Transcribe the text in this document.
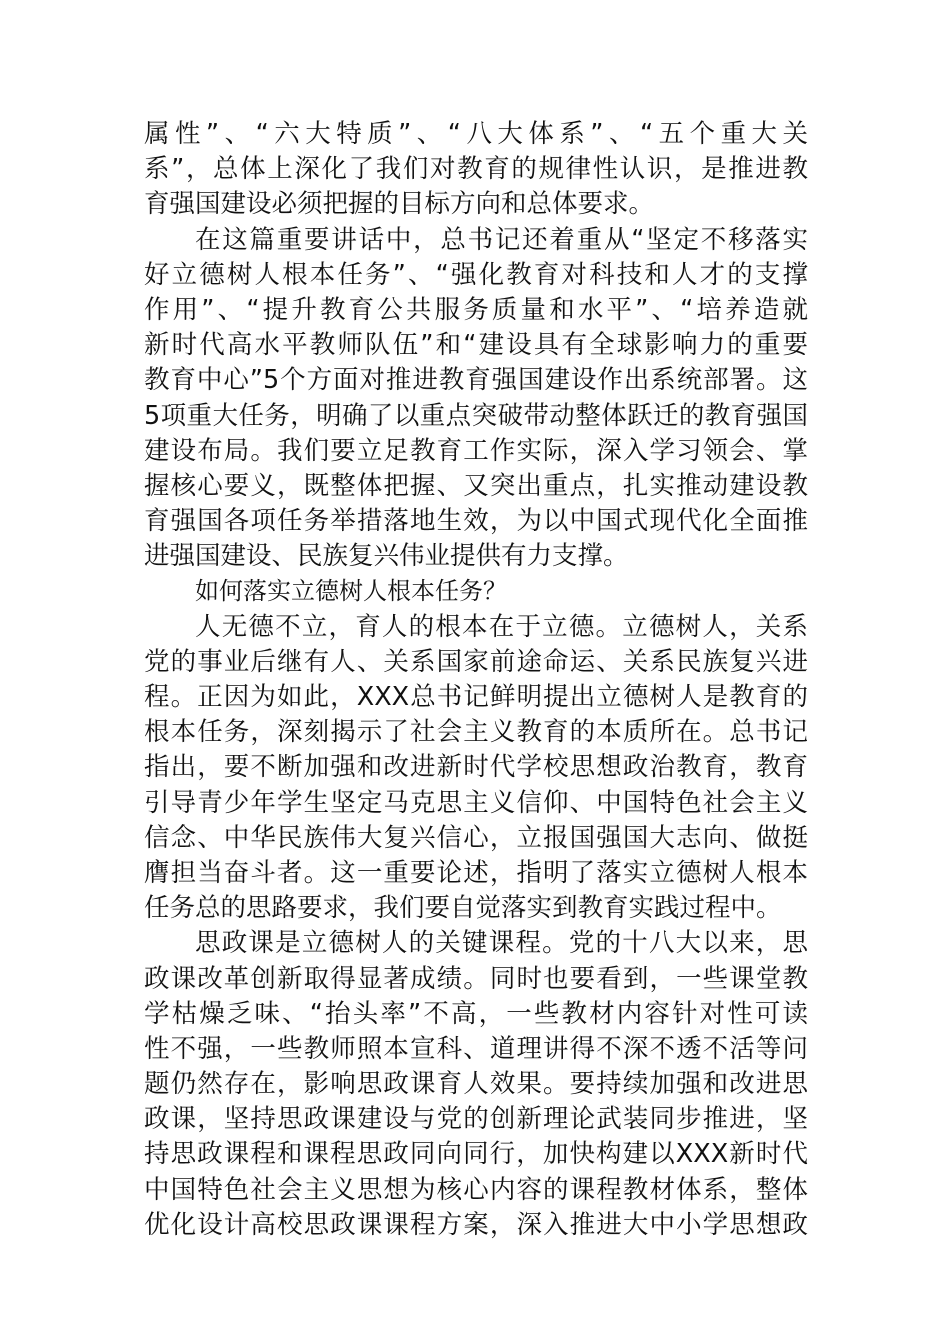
属性”、“六大特质”、“八大体系”、“五个重大关
系”，总体上深化了我们对教育的规律性认识，是推进教
育强国建设必须把握的目标方向和总体要求。
在这篇重要讲话中，总书记还着重从“坚定不移落实
好立德树人根本任务”、“强化教育对科技和人才的支撑
作用”、“提升教育公共服务质量和水平”、“培养造就
新时代高水平教师队伍”和“建设具有全球影响力的重要
教育中心”5个方面对推进教育强国建设作出系统部署。这
5项重大任务，明确了以重点突破带动整体跃迁的教育强国
建设布局。我们要立足教育工作实际，深入学习领会、掌
握核心要义，既整体把握、又突出重点，扎实推动建设教
育强国各项任务举措落地生效，为以中国式现代化全面推
进强国建设、民族复兴伟业提供有力支撑。
如何落实立德树人根本任务？
人无德不立，育人的根本在于立德。立德树人，关系
党的事业后继有人、关系国家前途命运、关系民族复兴进
程。正因为如此，XXX总书记鲜明提出立德树人是教育的
根本任务，深刻揭示了社会主义教育的本质所在。总书记
指出，要不断加强和改进新时代学校思想政治教育，教育
引导青少年学生坚定马克思主义信仰、中国特色社会主义
信念、中华民族伟大复兴信心，立报国强国大志向、做挺
膺担当奋斗者。这一重要论述，指明了落实立德树人根本
任务总的思路要求，我们要自觉落实到教育实践过程中。
思政课是立德树人的关键课程。党的十八大以来，思
政课改革创新取得显著成绩。同时也要看到，一些课堂教
学枯燥乏味、“抬头率”不高，一些教材内容针对性可读
性不强，一些教师照本宣科、道理讲得不深不透不活等问
题仍然存在，影响思政课育人效果。要持续加强和改进思
政课，坚持思政课建设与党的创新理论武装同步推进，坚
持思政课程和课程思政同向同行，加快构建以XXX新时代
中国特色社会主义思想为核心内容的课程教材体系，整体
优化设计高校思政课课程方案，深入推进大中小学思想政
